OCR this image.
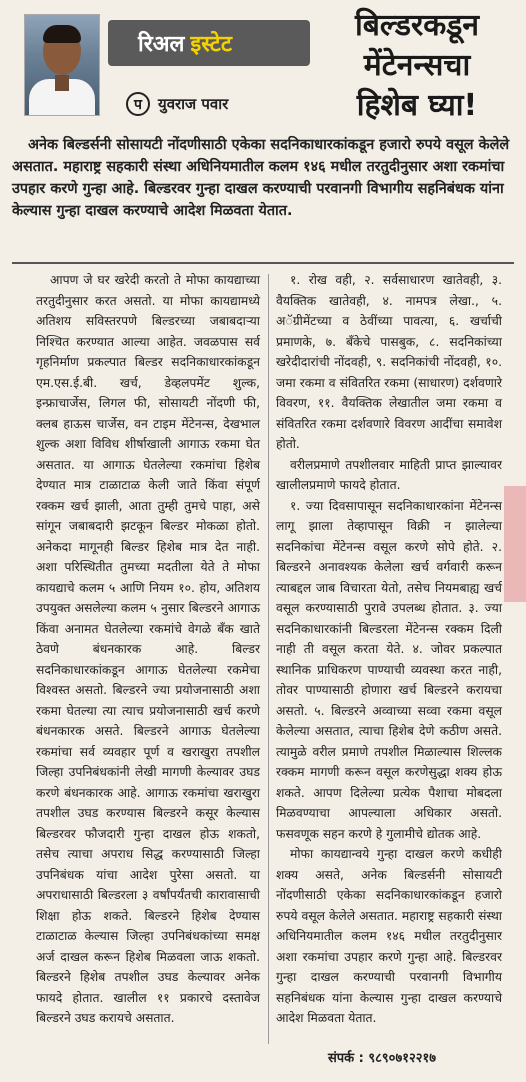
रिअल इस्टेट
प	युवराज पवार
बिल्डरकडून
मेंटेनन्सचा
हिशेब घ्या!
अनेक बिल्डर्सनी सोसायटी नोंदणीसाठी एकेका सदनिकाधारकांकडून हजारो रुपये वसूल केलेले असतात. महाराष्ट्र सहकारी संस्था अधिनियमातील कलम १४६ मधील तरतुदीनुसार अशा रकमांचा उपहार करणे गुन्हा आहे. बिल्डरवर गुन्हा दाखल करण्याची परवानगी विभागीय सहनिबंधक यांना केल्यास गुन्हा दाखल करण्याचे आदेश मिळवता येतात.

आपण जे घर खरेदी करतो ते मोफा कायद्याच्या तरतुदीनुसार करत असतो. या मोफा कायद्यामध्ये अतिशय सविस्तरपणे बिल्डरच्या जबाबदाऱ्या निश्चित करण्यात आल्या आहेत. जवळपास सर्व गृहनिर्माण प्रकल्पात बिल्डर सदनिकाधारकांकडून एम.एस.ई.बी. खर्च, डेव्हलपमेंट शुल्क, इन्फ्राचार्जेस, लिगल फी, सोसायटी नोंदणी फी, क्लब हाऊस चार्जेस, वन टाइम मेंटेनन्स, देखभाल शुल्क अशा विविध शीर्षाखाली आगाऊ रकमा घेत असतात. या आगाऊ घेतलेल्या रकमांचा हिशेब देण्यात मात्र टाळाटाळ केली जाते किंवा संपूर्ण रक्कम खर्च झाली, आता तुम्ही तुमचे पाहा, असे सांगून जबाबदारी झटकून बिल्डर मोकळा होतो. अनेकदा मागूनही बिल्डर हिशेब मात्र देत नाही. अशा परिस्थितीत तुमच्या मदतीला येते ते मोफा कायद्याचे कलम ५ आणि नियम १०. होय, अतिशय उपयुक्त असलेल्या कलम ५ नुसार बिल्डरने आगाऊ किंवा अनामत घेतलेल्या रकमांचे वेगळे बँक खाते ठेवणे बंधनकारक आहे. बिल्डर सदनिकाधारकांकडून आगाऊ घेतलेल्या रकमेचा विश्वस्त असतो. बिल्डरने ज्या प्रयोजनासाठी अशा रकमा घेतल्या त्या त्याच प्रयोजनासाठी खर्च करणे बंधनकारक असते. बिल्डरने आगाऊ घेतलेल्या रकमांचा सर्व व्यवहार पूर्ण व खराखुरा तपशील जिल्हा उपनिबंधकांनी लेखी मागणी केल्यावर उघड करणे बंधनकारक आहे. आगाऊ रकमांचा खराखुरा तपशील उघड करण्यास बिल्डरने कसूर केल्यास बिल्डरवर फौजदारी गुन्हा दाखल होऊ शकतो, तसेच त्याचा अपराध सिद्ध करण्यासाठी जिल्हा उपनिबंधक यांचा आदेश पुरेसा असतो. या अपराधासाठी बिल्डरला ३ वर्षांपर्यंतची कारावासाची शिक्षा होऊ शकते. बिल्डरने हिशेब देण्यास टाळाटाळ केल्यास जिल्हा उपनिबंधकांच्या समक्ष अर्ज दाखल करून हिशेब मिळवला जाऊ शकतो. बिल्डरने हिशेब तपशील उघड केल्यावर अनेक फायदे होतात. खालील ११ प्रकारचे दस्तावेज बिल्डरने उघड करायचे असतात.

१. रोख वही, २. सर्वसाधारण खातेवही, ३. वैयक्तिक खातेवही, ४. नामपत्र लेखा., ५. अॅग्रीमेंटच्या व ठेवींच्या पावत्या, ६. खर्चाची प्रमाणके, ७. बँकेचे पासबुक, ८. सदनिकांच्या खरेदीदारांची नोंदवही, ९. सदनिकांची नोंदवही, १०. जमा रकमा व संवितरित रकमा (साधारण) दर्शवणारे विवरण, ११. वैयक्तिक लेखातील जमा रकमा व संवितरित रकमा दर्शवणारे विवरण आदींचा समावेश होतो.

वरीलप्रमाणे तपशीलवार माहिती प्राप्त झाल्यावर खालीलप्रमाणे फायदे होतात.

१. ज्या दिवसापासून सदनिकाधारकांना मेंटेनन्स लागू झाला तेव्हापासून विक्री न झालेल्या सदनिकांचा मेंटेनन्स वसूल करणे सोपे होते. २. बिल्डरने अनावश्यक केलेला खर्च वर्गवारी करून त्याबद्दल जाब विचारता येतो, तसेच नियमबाह्य खर्च वसूल करण्यासाठी पुरावे उपलब्ध होतात. ३. ज्या सदनिकाधारकांनी बिल्डरला मेंटेनन्स रक्कम दिली नाही ती वसूल करता येते. ४. जोवर प्रकल्पात स्थानिक प्राधिकरण पाण्याची व्यवस्था करत नाही, तोवर पाण्यासाठी होणारा खर्च बिल्डरने करायचा असतो. ५. बिल्डरने अव्वाच्या सव्वा रकमा वसूल केलेल्या असतात, त्याचा हिशेब देणे कठीण असते. त्यामुळे वरील प्रमाणे तपशील मिळाल्यास शिल्लक रक्कम मागणी करून वसूल करणेसुद्धा शक्य होऊ शकते. आपण दिलेल्या प्रत्येक पैशाचा मोबदला मिळवण्याचा आपल्याला अधिकार असतो. फसवणूक सहन करणे हे गुलामीचे द्योतक आहे.

मोफा कायद्यान्वये गुन्हा दाखल करणे कधीही शक्य असते, अनेक बिल्डर्सनी सोसायटी नोंदणीसाठी एकेका सदनिकाधारकांकडून हजारो रुपये वसूल केलेले असतात. महाराष्ट्र सहकारी संस्था अधिनियमातील कलम १४६ मधील तरतुदीनुसार अशा रकमांचा उपहार करणे गुन्हा आहे. बिल्डरवर गुन्हा दाखल करण्याची परवानगी विभागीय सहनिबंधक यांना केल्यास गुन्हा दाखल करण्याचे आदेश मिळवता येतात.

संपर्क : ९८९०७१२२१७
